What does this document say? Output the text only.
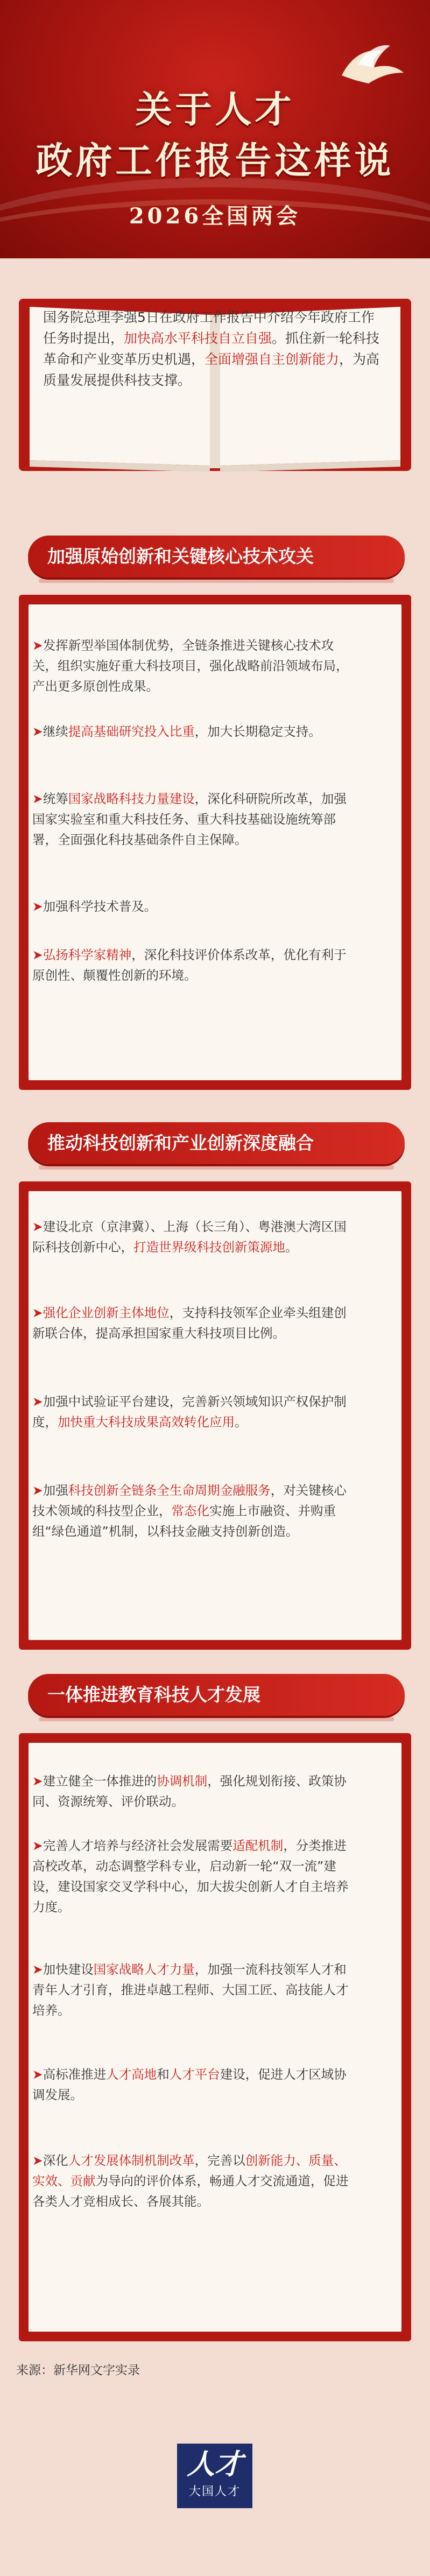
关于人才
政府工作报告这样说
2026全国两会
国务院总理李强5日在政府工作报告中介绍今年政府工作任务时提出，加快高水平科技自立自强。抓住新一轮科技革命和产业变革历史机遇，全面增强自主创新能力，为高质量发展提供科技支撑。
加强原始创新和关键核心技术攻关
➤发挥新型举国体制优势，全链条推进关键核心技术攻关，组织实施好重大科技项目，强化战略前沿领域布局，产出更多原创性成果。
➤继续提高基础研究投入比重，加大长期稳定支持。
➤统筹国家战略科技力量建设，深化科研院所改革，加强国家实验室和重大科技任务、重大科技基础设施统筹部署，全面强化科技基础条件自主保障。
➤加强科学技术普及。
➤弘扬科学家精神，深化科技评价体系改革，优化有利于原创性、颠覆性创新的环境。
推动科技创新和产业创新深度融合
➤建设北京（京津冀）、上海（长三角）、粤港澳大湾区国际科技创新中心，打造世界级科技创新策源地。
➤强化企业创新主体地位，支持科技领军企业牵头组建创新联合体，提高承担国家重大科技项目比例。
➤加强中试验证平台建设，完善新兴领域知识产权保护制度，加快重大科技成果高效转化应用。
➤加强科技创新全链条全生命周期金融服务，对关键核心技术领域的科技型企业，常态化实施上市融资、并购重组“绿色通道”机制，以科技金融支持创新创造。
一体推进教育科技人才发展
➤建立健全一体推进的协调机制，强化规划衔接、政策协同、资源统筹、评价联动。
➤完善人才培养与经济社会发展需要适配机制，分类推进高校改革，动态调整学科专业，启动新一轮“双一流”建设，建设国家交叉学科中心，加大拔尖创新人才自主培养力度。
➤加快建设国家战略人才力量，加强一流科技领军人才和青年人才引育，推进卓越工程师、大国工匠、高技能人才培养。
➤高标准推进人才高地和人才平台建设，促进人才区域协调发展。
➤深化人才发展体制机制改革，完善以创新能力、质量、实效、贡献为导向的评价体系，畅通人才交流通道，促进各类人才竞相成长、各展其能。
来源：新华网文字实录
人才
大国人才
